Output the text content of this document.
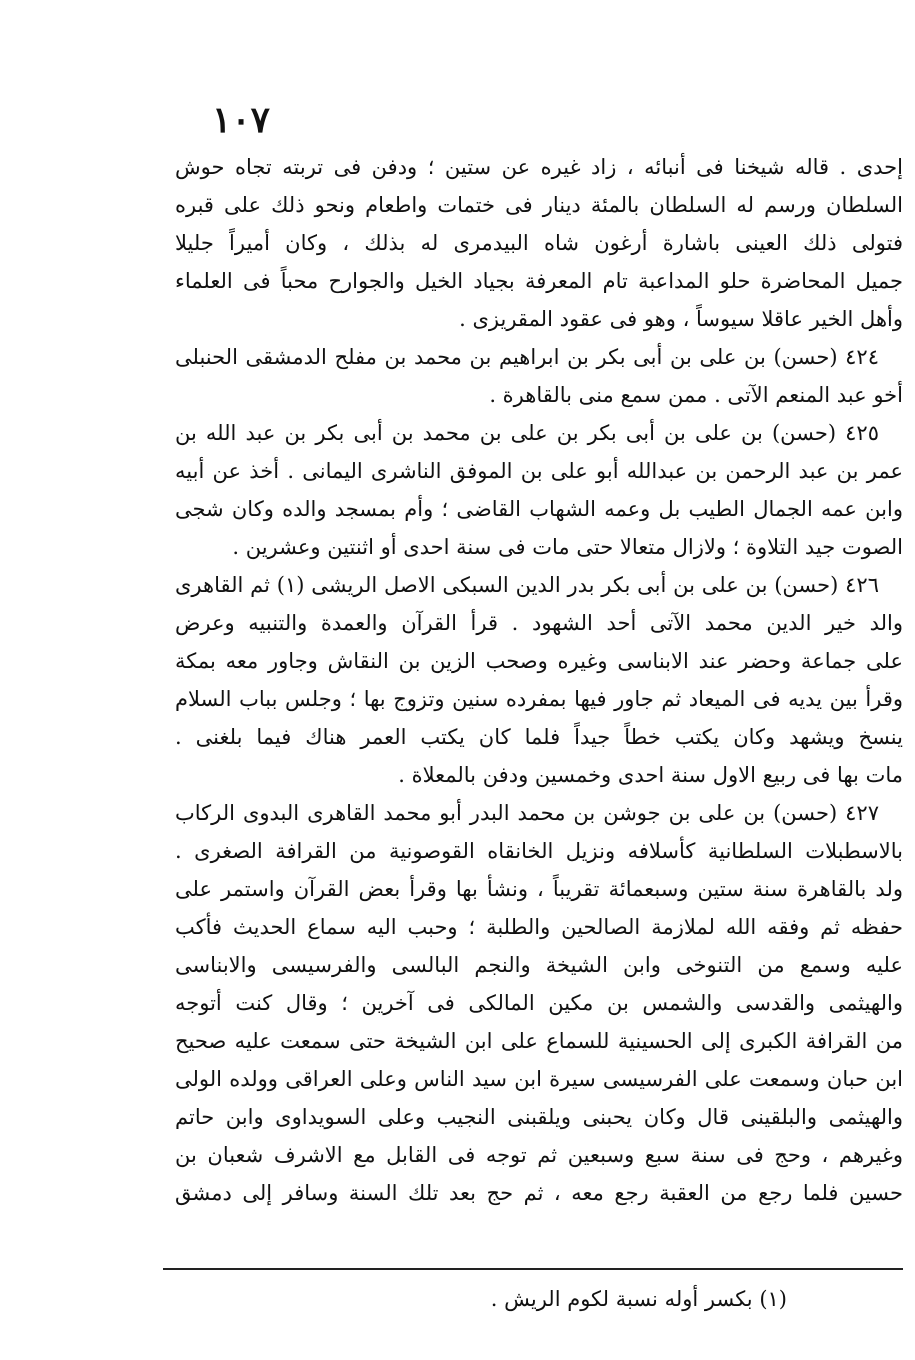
١٠٧
إحدى . قاله شيخنا فى أنبائه ، زاد غيره عن ستين ؛ ودفن فى تربته تجاه حوش
السلطان ورسم له السلطان بالمئة دينار فى ختمات واطعام ونحو ذلك على قبره
فتولى ذلك العينى باشارة أرغون شاه البيدمرى له بذلك ، وكان أميراً جليلا
جميل المحاضرة حلو المداعبة تام المعرفة بجياد الخيل والجوارح محباً فى العلماء
وأهل الخير عاقلا سيوساً ، وهو فى عقود المقريزى .
٤٢٤ (حسن) بن على بن أبى بكر بن ابراهيم بن محمد بن مفلح الدمشقى الحنبلى
أخو عبد المنعم الآتى . ممن سمع منى بالقاهرة .
٤٢٥ (حسن) بن على بن أبى بكر بن على بن محمد بن أبى بكر بن عبد الله بن
عمر بن عبد الرحمن بن عبدالله أبو على بن الموفق الناشرى اليمانى . أخذ عن أبيه
وابن عمه الجمال الطيب بل وعمه الشهاب القاضى ؛ وأم بمسجد والده وكان شجى
الصوت جيد التلاوة ؛ ولازال متعالا حتى مات فى سنة احدى أو اثنتين وعشرين .
٤٢٦ (حسن) بن على بن أبى بكر بدر الدين السبكى الاصل الريشى (١) ثم القاهرى
والد خير الدين محمد الآتى أحد الشهود . قرأ القرآن والعمدة والتنبيه وعرض
على جماعة وحضر عند الابناسى وغيره وصحب الزين بن النقاش وجاور معه بمكة
وقرأ بين يديه فى الميعاد ثم جاور فيها بمفرده سنين وتزوج بها ؛ وجلس بباب السلام
ينسخ ويشهد وكان يكتب خطاً جيداً فلما كان يكتب العمر هناك فيما بلغنى .
مات بها فى ربيع الاول سنة احدى وخمسين ودفن بالمعلاة .
٤٢٧ (حسن) بن على بن جوشن بن محمد البدر أبو محمد القاهرى البدوى الركاب
بالاسطبلات السلطانية كأسلافه ونزيل الخانقاه القوصونية من القرافة الصغرى .
ولد بالقاهرة سنة ستين وسبعمائة تقريباً ، ونشأ بها وقرأ بعض القرآن واستمر على
حفظه ثم وفقه الله لملازمة الصالحين والطلبة ؛ وحبب اليه سماع الحديث فأكب
عليه وسمع من التنوخى وابن الشيخة والنجم البالسى والفرسيسى والابناسى
والهيثمى والقدسى والشمس بن مكين المالكى فى آخرين ؛ وقال كنت أتوجه
من القرافة الكبرى إلى الحسينية للسماع على ابن الشيخة حتى سمعت عليه صحيح
ابن حبان وسمعت على الفرسيسى سيرة ابن سيد الناس وعلى العراقى وولده الولى
والهيثمى والبلقينى قال وكان يحبنى ويلقبنى النجيب وعلى السويداوى وابن حاتم
وغيرهم ، وحج فى سنة سبع وسبعين ثم توجه فى القابل مع الاشرف شعبان بن
حسين فلما رجع من العقبة رجع معه ، ثم حج بعد تلك السنة وسافر إلى دمشق
(١) بكسر أوله نسبة لكوم الريش .
